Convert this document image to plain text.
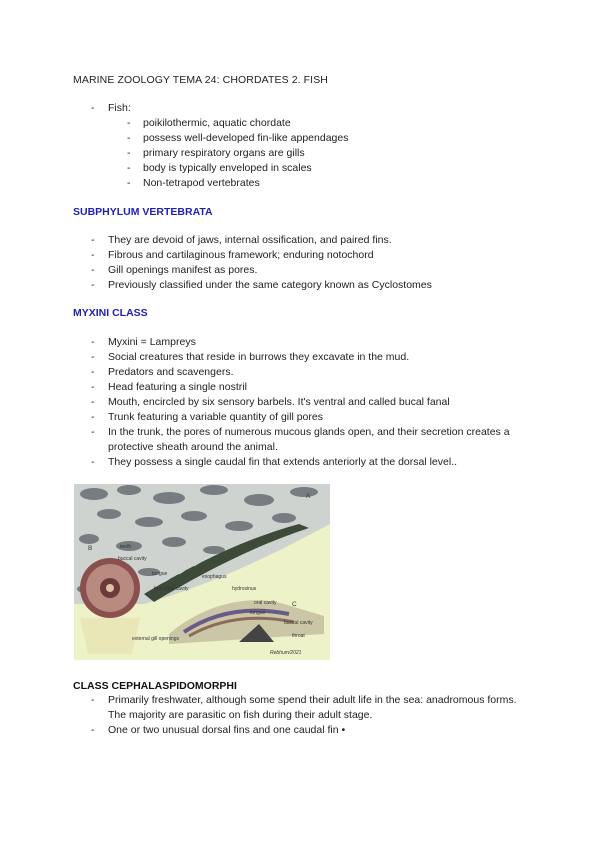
MARINE ZOOLOGY TEMA 24: CHORDATES 2. FISH
- Fish:
- poikilothermic, aquatic chordate
- possess well-developed fin-like appendages
- primary respiratory organs are gills
- body is typically enveloped in scales
- Non-tetrapod vertebrates
SUBPHYLUM VERTEBRATA
- They are devoid of jaws, internal ossification, and paired fins.
- Fibrous and cartilaginous framework; enduring notochord
- Gill openings manifest as pores.
- Previously classified under the same category known as Cyclostomes
MYXINI CLASS
- Myxini = Lampreys
- Social creatures that reside in burrows they excavate in the mud.
- Predators and scavengers.
- Head featuring a single nostril
- Mouth, encircled by six sensory barbels. It's ventral and called bucal fanal
- Trunk featuring a variable quantity of gill pores
- In the trunk, the pores of numerous mucous glands open, and their secretion creates a protective sheath around the animal.
- They possess a single caudal fin that extends anteriorly at the dorsal level..
A
B	teeth
buccal cavity
tongue
branchial cavity
esophagus
hydrosinus
oral cavity C
tongue
buccal cavity
throat
external gill openings
Rebhum/2021
CLASS CEPHALASPIDOMORPHI
- Primarily freshwater, although some spend their adult life in the sea: anadromous forms. The majority are parasitic on fish during their adult stage.
- One or two unusual dorsal fins and one caudal fin •
